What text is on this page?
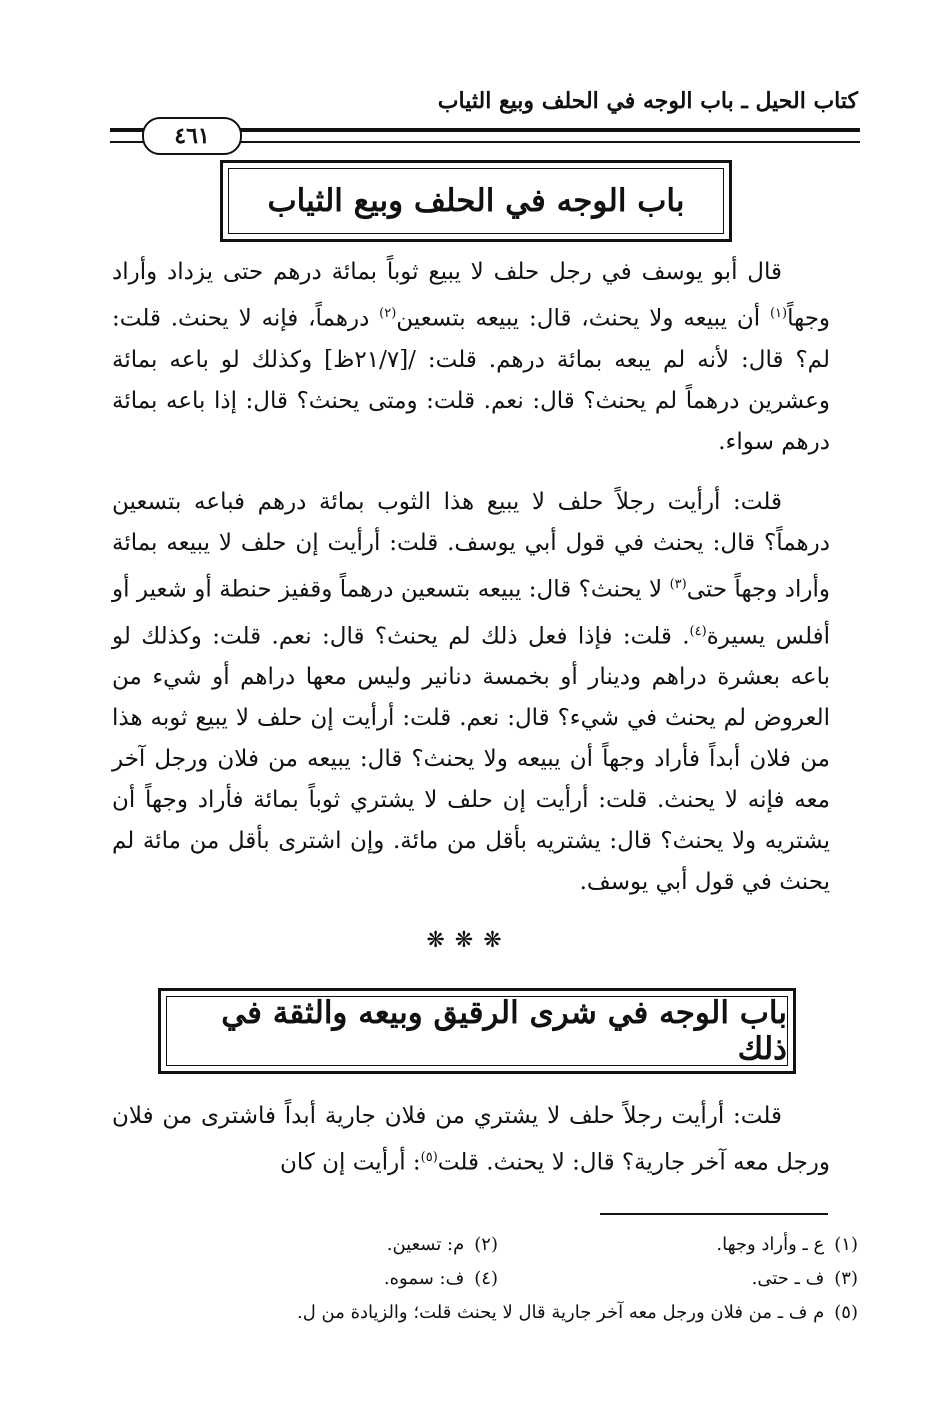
كتاب الحيل ـ باب الوجه في الحلف وبيع الثياب
٤٦١
باب الوجه في الحلف وبيع الثياب

قال أبو يوسف في رجل حلف لا يبيع ثوباً بمائة درهم حتى يزداد وأراد وجهاً$^{(١)}$ أن يبيعه ولا يحنث، قال: يبيعه بتسعين$^{(٢)}$ درهماً، فإنه لا يحنث. قلت: لم؟ قال: لأنه لم يبعه بمائة درهم. قلت: /[٢١/٧ظ] وكذلك لو باعه بمائة وعشرين درهماً لم يحنث؟ قال: نعم. قلت: ومتى يحنث؟ قال: إذا باعه بمائة درهم سواء.

قلت: أرأيت رجلاً حلف لا يبيع هذا الثوب بمائة درهم فباعه بتسعين درهماً؟ قال: يحنث في قول أبي يوسف. قلت: أرأيت إن حلف لا يبيعه بمائة وأراد وجهاً حتى$^{(٣)}$ لا يحنث؟ قال: يبيعه بتسعين درهماً وقفيز حنطة أو شعير أو أفلس يسيرة$^{(٤)}$. قلت: فإذا فعل ذلك لم يحنث؟ قال: نعم. قلت: وكذلك لو باعه بعشرة دراهم ودينار أو بخمسة دنانير وليس معها دراهم أو شيء من العروض لم يحنث في شيء؟ قال: نعم. قلت: أرأيت إن حلف لا يبيع ثوبه هذا من فلان أبداً فأراد وجهاً أن يبيعه ولا يحنث؟ قال: يبيعه من فلان ورجل آخر معه فإنه لا يحنث. قلت: أرأيت إن حلف لا يشتري ثوباً بمائة فأراد وجهاً أن يشتريه ولا يحنث؟ قال: يشتريه بأقل من مائة. وإن اشترى بأقل من مائة لم يحنث في قول أبي يوسف.

❋❋❋
باب الوجه في شرى الرقيق وبيعه والثقة في ذلك

قلت: أرأيت رجلاً حلف لا يشتري من فلان جارية أبداً فاشترى من فلان ورجل معه آخر جارية؟ قال: لا يحنث. قلت$^{(٥)}$: أرأيت إن كان

(١)ع ـ وأراد وجها.
(٢)م: تسعين.
(٣)ف ـ حتى.
(٤)ف: سموه.
(٥)م ف ـ من فلان ورجل معه آخر جارية قال لا يحنث قلت؛ والزيادة من ل.
